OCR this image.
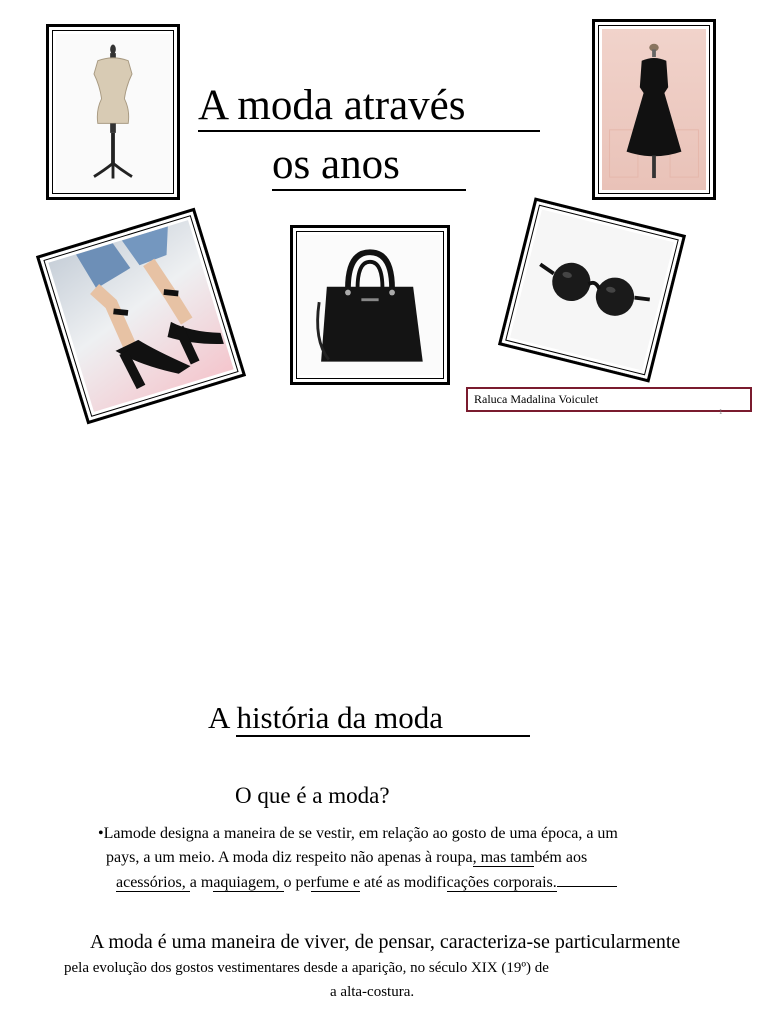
A moda através
os anos
Raluca Madalina Voiculet
1
A história da moda
O que é a moda?
•Lamode designa a maneira de se vestir, em relação ao gosto de uma época, a um
pays, a um meio. A moda diz respeito não apenas à roupa, mas também aos
acessórios, a maquiagem, o perfume e até as modificações corporais.
A moda é uma maneira de viver, de pensar, caracteriza-se particularmente
pela evolução dos gostos vestimentares desde a aparição, no século XIX (19º) de
a alta-costura.
